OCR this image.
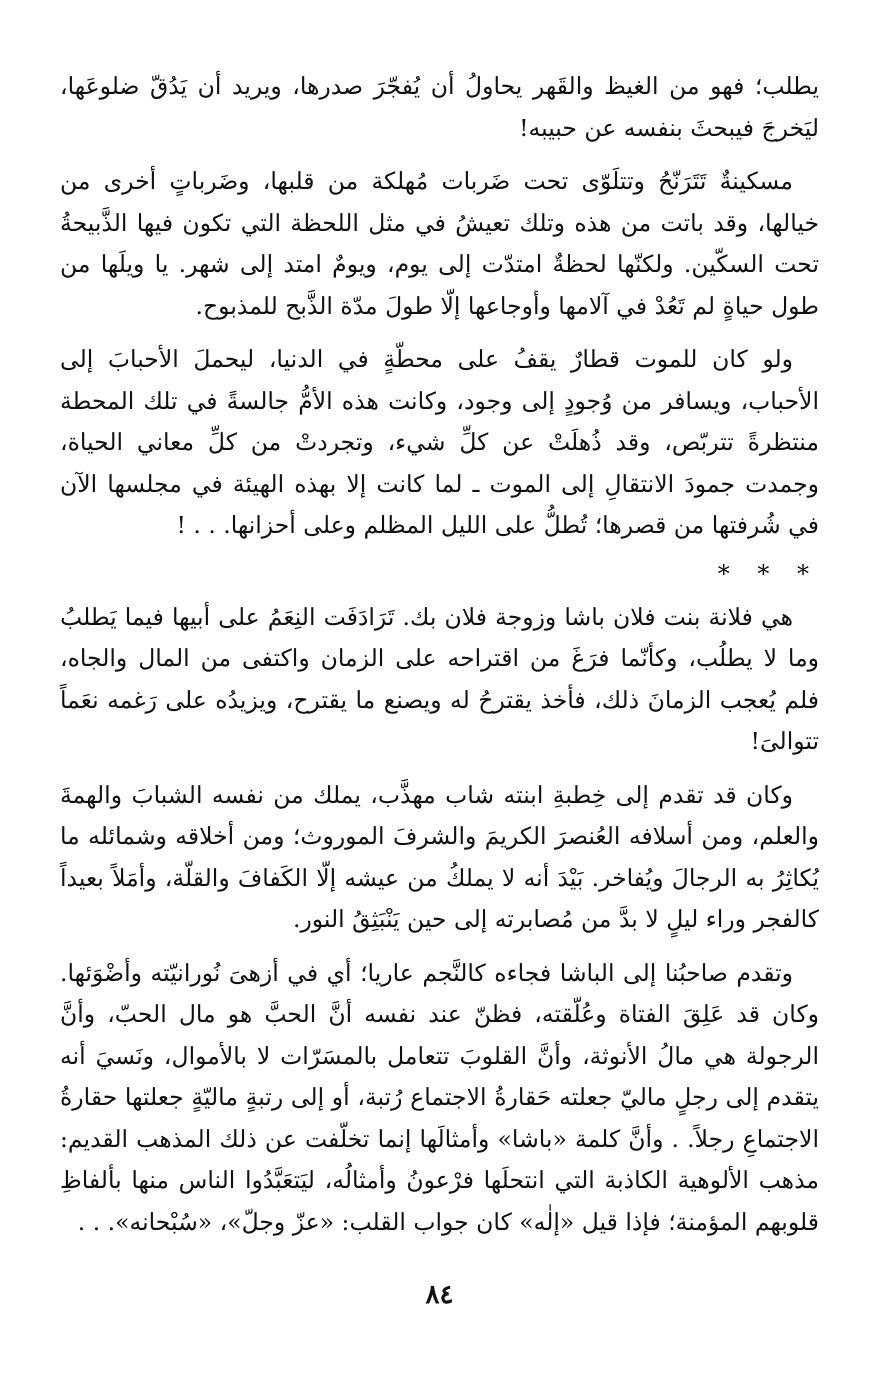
يطلب؛ فهو من الغيظ والقَهر يحاولُ أن يُفجّرَ صدرها، ويريد أن يَدُقّ ضلوعَها، ليَخرجَ فيبحثَ بنفسه عن حبيبه!

مسكينةٌ تَتَرَنّحُ وتتلَوّى تحت ضَربات مُهلكة من قلبها، وضَرباتٍ أخرى من خيالها، وقد باتت من هذه وتلك تعيشُ في مثل اللحظة التي تكون فيها الذَّبيحةُ تحت السكّين. ولكنّها لحظةٌ امتدّت إلى يوم، ويومٌ امتد إلى شهر. يا ويلَها من طول حياةٍ لم تَعُدْ في آلامها وأوجاعها إلّا طولَ مدّة الذَّبح للمذبوح.

ولو كان للموت قطارٌ يقفُ على محطّةٍ في الدنيا، ليحملَ الأحبابَ إلى الأحباب، ويسافر من وُجودٍ إلى وجود، وكانت هذه الأمُّ جالسةً في تلك المحطة منتظرةً تتربّص، وقد ذُهلَتْ عن كلِّ شيء، وتجردتْ من كلِّ معاني الحياة، وجمدت جمودَ الانتقالِ إلى الموت ـ لما كانت إلا بهذه الهيئة في مجلسها الآن في شُرفتها من قصرها؛ تُطلُّ على الليل المظلم وعلى أحزانها. . . !

* * *

هي فلانة بنت فلان باشا وزوجة فلان بك. تَرَادَفَت النِعَمُ على أبيها فيما يَطلبُ وما لا يطلُب، وكأنّما فرَغَ من اقتراحه على الزمان واكتفى من المال والجاه، فلم يُعجب الزمانَ ذلك، فأخذ يقترحُ له ويصنع ما يقترح، ويزيدُه على رَغمه نعَماً تتوالىَ!

وكان قد تقدم إلى خِطبةِ ابنته شاب مهذَّب، يملك من نفسه الشبابَ والهمةَ والعلم، ومن أسلافه العُنصرَ الكريمَ والشرفَ الموروث؛ ومن أخلاقه وشمائله ما يُكاثِرُ به الرجالَ ويُفاخر. بَيْدَ أنه لا يملكُ من عيشه إلّا الكَفافَ والقلّة، وأمَلاً بعيداً كالفجر وراء ليلٍ لا بدَّ من مُصابرته إلى حين يَنْبَثِقُ النور.

وتقدم صاحبُنا إلى الباشا فجاءه كالنَّجم عاريا؛ أي في أزهىَ نُورانيّته وأضْوَئها. وكان قد عَلِقَ الفتاة وعُلّقته، فظنّ عند نفسه أنَّ الحبَّ هو مال الحبّ، وأنَّ الرجولة هي مالُ الأنوثة، وأنَّ القلوبَ تتعامل بالمسَرّات لا بالأموال، ونَسيَ أنه يتقدم إلى رجلٍ ماليّ جعلته حَقارةُ الاجتماع رُتبة، أو إلى رتبةٍ ماليّةٍ جعلتها حقارةُ الاجتماعِ رجلاً. . وأنَّ كلمة «باشا» وأمثالَها إنما تخلّفت عن ذلك المذهب القديم: مذهب الألوهية الكاذبة التي انتحلَها فرْعونُ وأمثالُه، ليَتعَبَّدُوا الناس منها بألفاظِ قلوبهم المؤمنة؛ فإذا قيل «إلٰه» كان جواب القلب: «عزّ وجلّ»، «سُبْحانه». . .

٨٤
